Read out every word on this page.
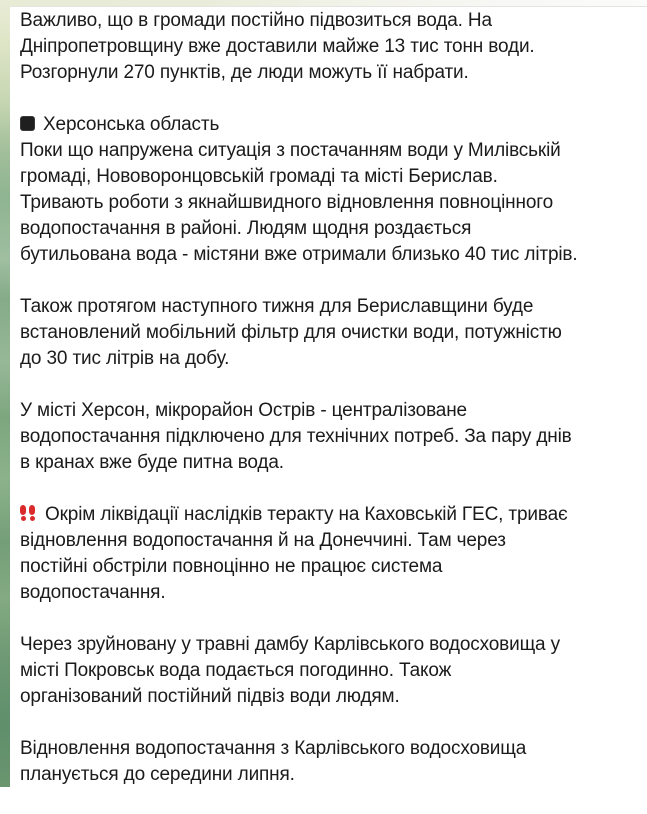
Важливо, що в громади постійно підвозиться вода. На
Дніпропетровщину вже доставили майже 13 тис тонн води.
Розгорнули 270 пунктів, де люди можуть її набрати.
Херсонська область
Поки що напружена ситуація з постачанням води у Милівській
громаді, Нововоронцовській громаді та місті Берислав.
Тривають роботи з якнайшвидного відновлення повноцінного
водопостачання в районі. Людям щодня роздається
бутильована вода - містяни вже отримали близько 40 тис літрів.
Також протягом наступного тижня для Бериславщини буде
встановлений мобільний фільтр для очистки води, потужністю
до 30 тис літрів на добу.
У місті Херсон, мікрорайон Острів - централізоване
водопостачання підключено для технічних потреб. За пару днів
в кранах вже буде питна вода.
Окрім ліквідації наслідків теракту на Каховській ГЕС, триває
відновлення водопостачання й на Донеччині. Там через
постійні обстріли повноцінно не працює система
водопостачання.
Через зруйновану у травні дамбу Карлівського водосховища у
місті Покровськ вода подається погодинно. Також
організований постійний підвіз води людям.
Відновлення водопостачання з Карлівського водосховища
планується до середини липня.
